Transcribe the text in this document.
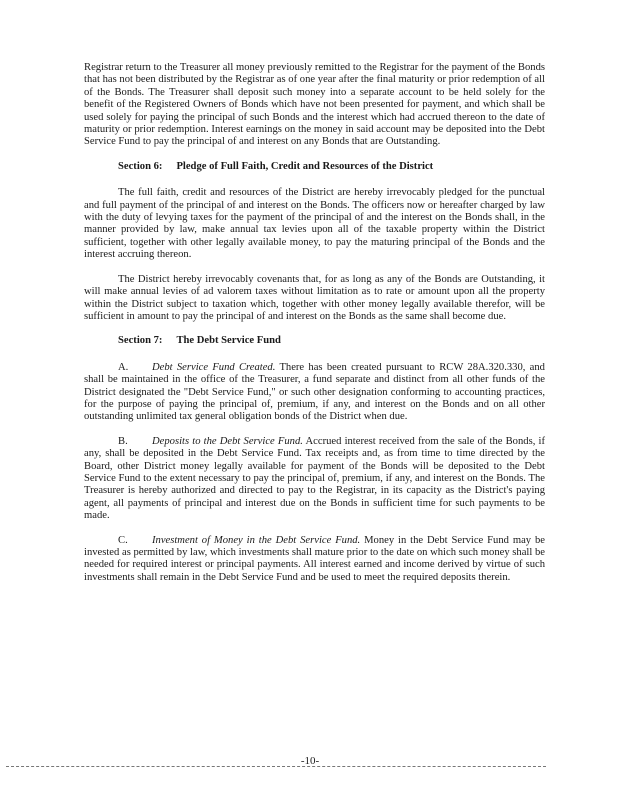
Registrar return to the Treasurer all money previously remitted to the Registrar for the payment of the Bonds that has not been distributed by the Registrar as of one year after the final maturity or prior redemption of all of the Bonds. The Treasurer shall deposit such money into a separate account to be held solely for the benefit of the Registered Owners of Bonds which have not been presented for payment, and which shall be used solely for paying the principal of such Bonds and the interest which had accrued thereon to the date of maturity or prior redemption. Interest earnings on the money in said account may be deposited into the Debt Service Fund to pay the principal of and interest on any Bonds that are Outstanding.

Section 6: Pledge of Full Faith, Credit and Resources of the District

The full faith, credit and resources of the District are hereby irrevocably pledged for the punctual and full payment of the principal of and interest on the Bonds. The officers now or hereafter charged by law with the duty of levying taxes for the payment of the principal of and the interest on the Bonds shall, in the manner provided by law, make annual tax levies upon all of the taxable property within the District sufficient, together with other legally available money, to pay the maturing principal of the Bonds and the interest accruing thereon.

The District hereby irrevocably covenants that, for as long as any of the Bonds are Outstanding, it will make annual levies of ad valorem taxes without limitation as to rate or amount upon all the property within the District subject to taxation which, together with other money legally available therefor, will be sufficient in amount to pay the principal of and interest on the Bonds as the same shall become due.

Section 7: The Debt Service Fund

A. Debt Service Fund Created. There has been created pursuant to RCW 28A.320.330, and shall be maintained in the office of the Treasurer, a fund separate and distinct from all other funds of the District designated the "Debt Service Fund," or such other designation conforming to accounting practices, for the purpose of paying the principal of, premium, if any, and interest on the Bonds and on all other outstanding unlimited tax general obligation bonds of the District when due.

B. Deposits to the Debt Service Fund. Accrued interest received from the sale of the Bonds, if any, shall be deposited in the Debt Service Fund. Tax receipts and, as from time to time directed by the Board, other District money legally available for payment of the Bonds will be deposited to the Debt Service Fund to the extent necessary to pay the principal of, premium, if any, and interest on the Bonds. The Treasurer is hereby authorized and directed to pay to the Registrar, in its capacity as the District's paying agent, all payments of principal and interest due on the Bonds in sufficient time for such payments to be made.

C. Investment of Money in the Debt Service Fund. Money in the Debt Service Fund may be invested as permitted by law, which investments shall mature prior to the date on which such money shall be needed for required interest or principal payments. All interest earned and income derived by virtue of such investments shall remain in the Debt Service Fund and be used to meet the required deposits therein.

-10-
